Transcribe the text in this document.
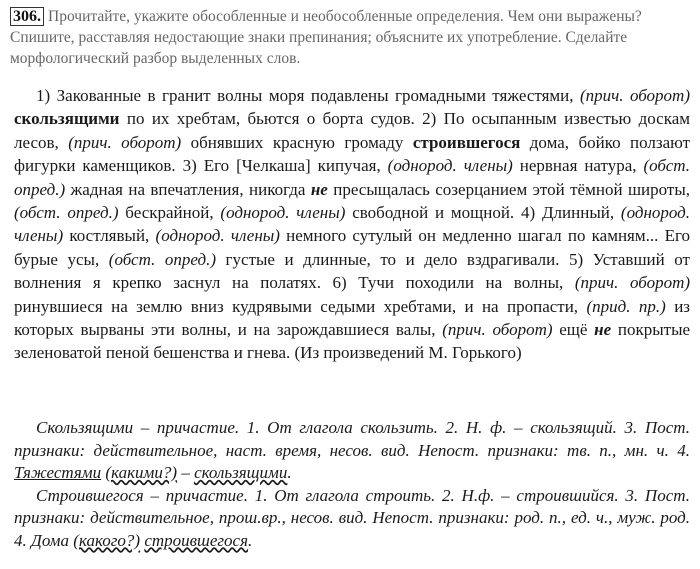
306. Прочитайте, укажите обособленные и необособленные определения. Чем они выражены? Спишите, расставляя недостающие знаки препинания; объясните их употребление. Сделайте морфологический разбор выделенных слов.

1) Закованные в гранит волны моря подавлены громадными тяжестями, (прич. оборот) скользящими по их хребтам, бьются о борта судов. 2) По осыпанным известью доскам лесов, (прич. оборот) обнявших красную громаду строившегося дома, бойко ползают фигурки каменщиков. 3) Его [Челкаша] кипучая, (однород. члены) нервная натура, (обст. опред.) жадная на впечатления, никогда не пресыщалась созерцанием этой тёмной широты, (обст. опред.) бескрайной, (однород. члены) свободной и мощной. 4) Длинный, (однород. члены) костлявый, (однород. члены) немного сутулый он медленно шагал по камням... Его бурые усы, (обст. опред.) густые и длинные, то и дело вздрагивали. 5) Уставший от волнения я крепко заснул на полатях. 6) Тучи походили на волны, (прич. оборот) ринувшиеся на землю вниз кудрявыми седыми хребтами, и на пропасти, (прид. пр.) из которых вырваны эти волны, и на зарождавшиеся валы, (прич. оборот) ещё не покрытые зеленоватой пеной бешенства и гнева. (Из произведений М. Горького)

Скользящими – причастие. 1. От глагола скользить. 2. Н. ф. – скользящий. 3. Пост. признаки: действительное, наст. время, несов. вид. Непост. признаки: тв. п., мн. ч. 4. Тяжестями (какими?) – скользящими.

Строившегося – причастие. 1. От глагола строить. 2. Н.ф. – строившийся. 3. Пост. признаки: действительное, прош.вр., несов. вид. Непост. признаки: род. п., ед. ч., муж. род. 4. Дома (какого?) строившегося.
